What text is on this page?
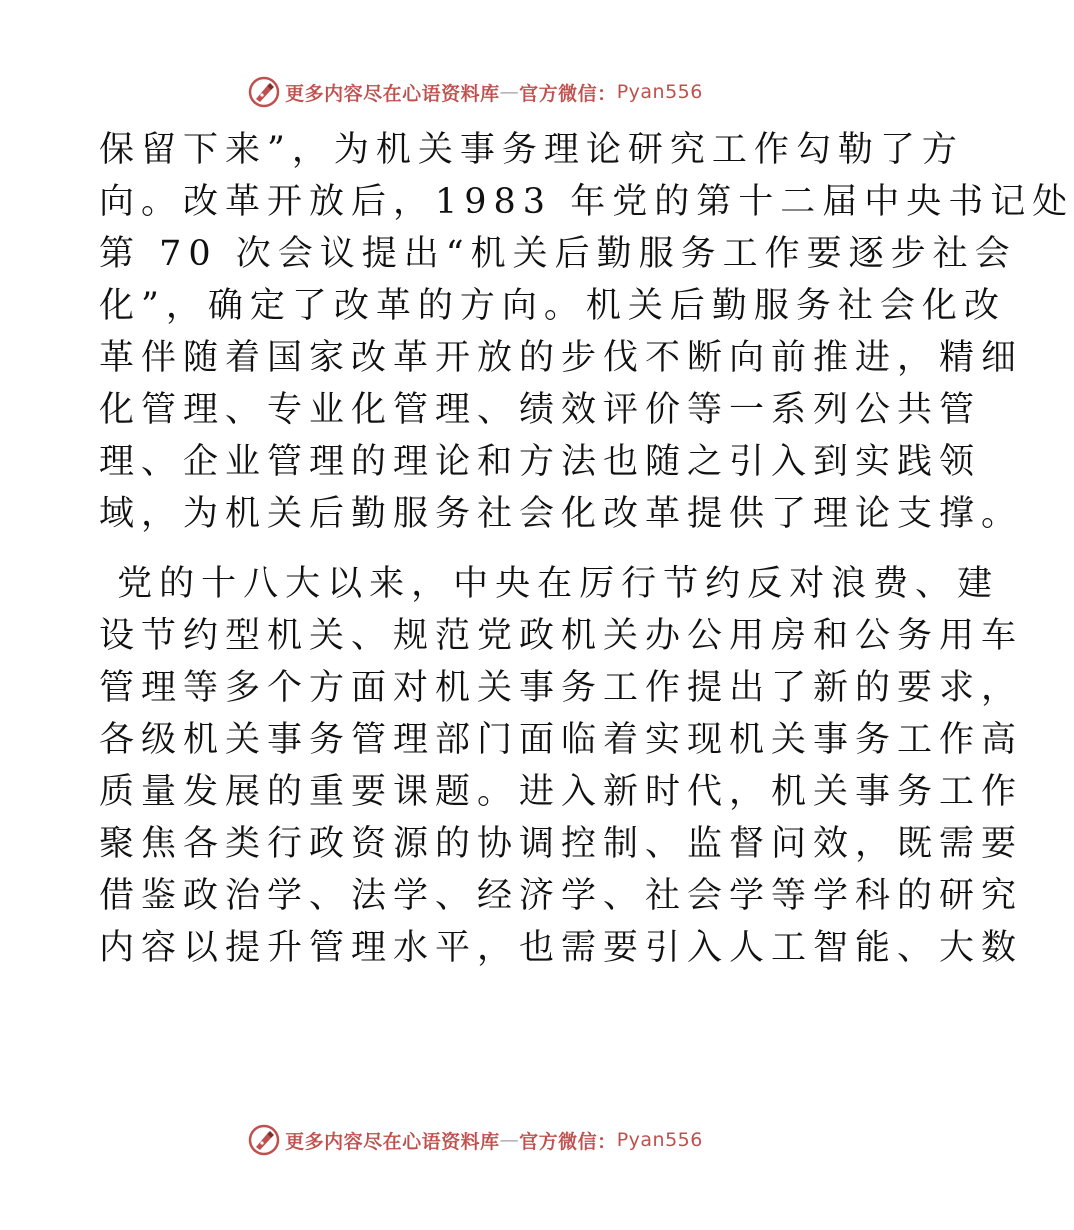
更多内容尽在心语资料库 — 官方微信： Pyan556
保留下来”，为机关事务理论研究工作勾勒了方
向。改革开放后，1983 年党的第十二届中央书记处
第 70 次会议提出“机关后勤服务工作要逐步社会
化”，确定了改革的方向。机关后勤服务社会化改
革伴随着国家改革开放的步伐不断向前推进，精细
化管理、专业化管理、绩效评价等一系列公共管
理、企业管理的理论和方法也随之引入到实践领
域，为机关后勤服务社会化改革提供了理论支撑。
党的十八大以来，中央在厉行节约反对浪费、建
设节约型机关、规范党政机关办公用房和公务用车
管理等多个方面对机关事务工作提出了新的要求，
各级机关事务管理部门面临着实现机关事务工作高
质量发展的重要课题。进入新时代，机关事务工作
聚焦各类行政资源的协调控制、监督问效，既需要
借鉴政治学、法学、经济学、社会学等学科的研究
内容以提升管理水平，也需要引入人工智能、大数
更多内容尽在心语资料库 — 官方微信： Pyan556
